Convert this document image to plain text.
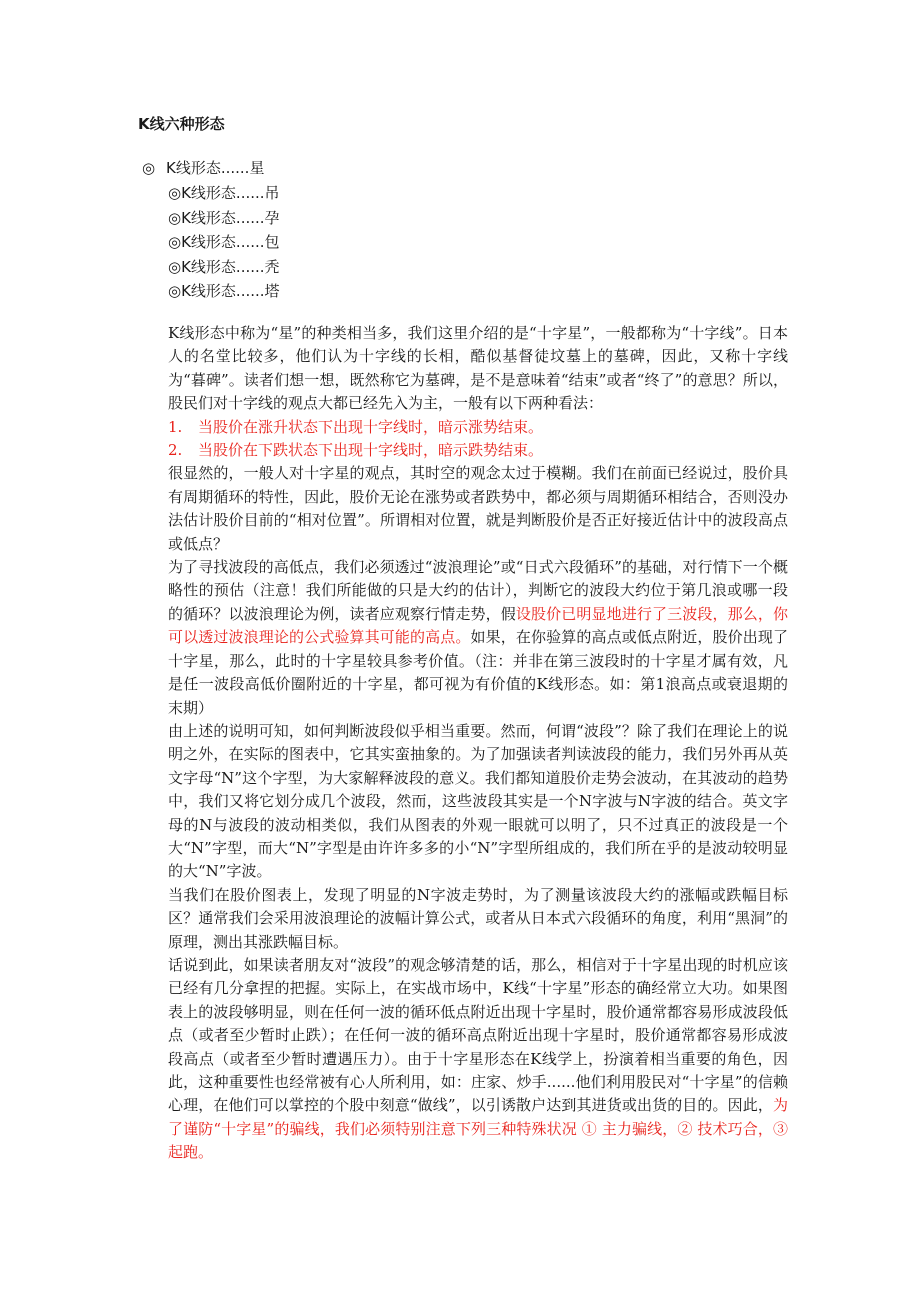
K线六种形态
◎ K线形态......星
◎K线形态......吊
◎K线形态......孕
◎K线形态......包
◎K线形态......秃
◎K线形态......塔

K线形态中称为“星”的种类相当多，我们这里介绍的是“十字星”，一般都称为“十字线”。日本人的名堂比较多，他们认为十字线的长相，酷似基督徒坟墓上的墓碑，因此，又称十字线为“暮碑”。读者们想一想，既然称它为墓碑，是不是意味着“结束”或者“终了”的意思？所以，股民们对十字线的观点大都已经先入为主，一般有以下两种看法：

1. 当股价在涨升状态下出现十字线时，暗示涨势结束。

2. 当股价在下跌状态下出现十字线时，暗示跌势结束。

很显然的，一般人对十字星的观点，其时空的观念太过于模糊。我们在前面已经说过，股价具有周期循环的特性，因此，股价无论在涨势或者跌势中，都必须与周期循环相结合，否则没办法估计股价目前的“相对位置”。所谓相对位置，就是判断股价是否正好接近估计中的波段高点或低点？

为了寻找波段的高低点，我们必须透过“波浪理论”或“日式六段循环”的基础，对行情下一个概略性的预估（注意！我们所能做的只是大约的估计），判断它的波段大约位于第几浪或哪一段的循环？以波浪理论为例，读者应观察行情走势，假设股价已明显地进行了三波段，那么，你可以透过波浪理论的公式验算其可能的高点。如果，在你验算的高点或低点附近，股价出现了十字星，那么，此时的十字星较具参考价值。（注：并非在第三波段时的十字星才属有效，凡是任一波段高低价圈附近的十字星，都可视为有价值的K线形态。如：第1浪高点或衰退期的末期）

由上述的说明可知，如何判断波段似乎相当重要。然而，何谓“波段”？除了我们在理论上的说明之外，在实际的图表中，它其实蛮抽象的。为了加强读者判读波段的能力，我们另外再从英文字母“N”这个字型，为大家解释波段的意义。我们都知道股价走势会波动，在其波动的趋势中，我们又将它划分成几个波段，然而，这些波段其实是一个N字波与N字波的结合。英文字母的N与波段的波动相类似，我们从图表的外观一眼就可以明了，只不过真正的波段是一个大“N”字型，而大“N”字型是由许许多多的小“N”字型所组成的，我们所在乎的是波动较明显的大“N”字波。

当我们在股价图表上，发现了明显的N字波走势时，为了测量该波段大约的涨幅或跌幅目标区？通常我们会采用波浪理论的波幅计算公式，或者从日本式六段循环的角度，利用“黑洞”的原理，测出其涨跌幅目标。

话说到此，如果读者朋友对“波段”的观念够清楚的话，那么，相信对于十字星出现的时机应该已经有几分拿捏的把握。实际上，在实战市场中，K线“十字星”形态的确经常立大功。如果图表上的波段够明显，则在任何一波的循环低点附近出现十字星时，股价通常都容易形成波段低点（或者至少暂时止跌）；在任何一波的循环高点附近出现十字星时，股价通常都容易形成波段高点（或者至少暂时遭遇压力）。由于十字星形态在K线学上，扮演着相当重要的角色，因此，这种重要性也经常被有心人所利用，如：庄家、炒手......他们利用股民对“十字星”的信赖心理，在他们可以掌控的个股中刻意“做线”，以引诱散户达到其进货或出货的目的。因此，为了谨防“十字星”的骗线，我们必须特别注意下列三种特殊状况 ① 主力骗线，② 技术巧合，③ 起跑。
